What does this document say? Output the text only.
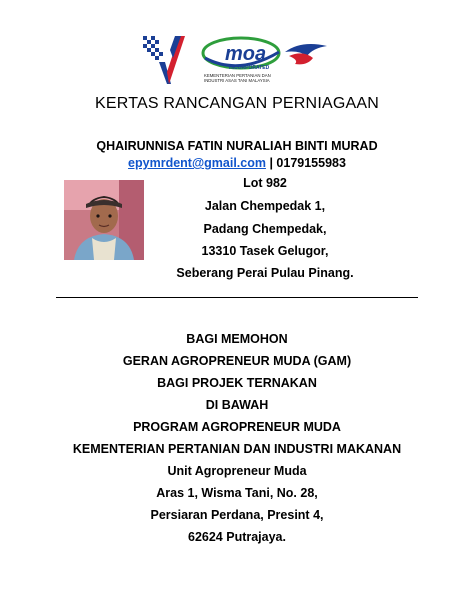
moa
INCORPORATED
KEMENTERIAN PERTANIAN DAN
INDUSTRI ASAS TANI MALAYSIA
KERTAS RANCANGAN PERNIAGAAN
QHAIRUNNISA FATIN NURALIAH BINTI MURAD
epymrdent@gmail.com | 0179155983
Lot 982
Jalan Chempedak 1,
Padang Chempedak,
13310 Tasek Gelugor,
Seberang Perai Pulau Pinang.
BAGI MEMOHON
GERAN AGROPRENEUR MUDA (GAM)
BAGI PROJEK TERNAKAN
DI BAWAH
PROGRAM AGROPRENEUR MUDA
KEMENTERIAN PERTANIAN DAN INDUSTRI MAKANAN
Unit Agropreneur Muda
Aras 1, Wisma Tani, No. 28,
Persiaran Perdana, Presint 4,
62624 Putrajaya.
